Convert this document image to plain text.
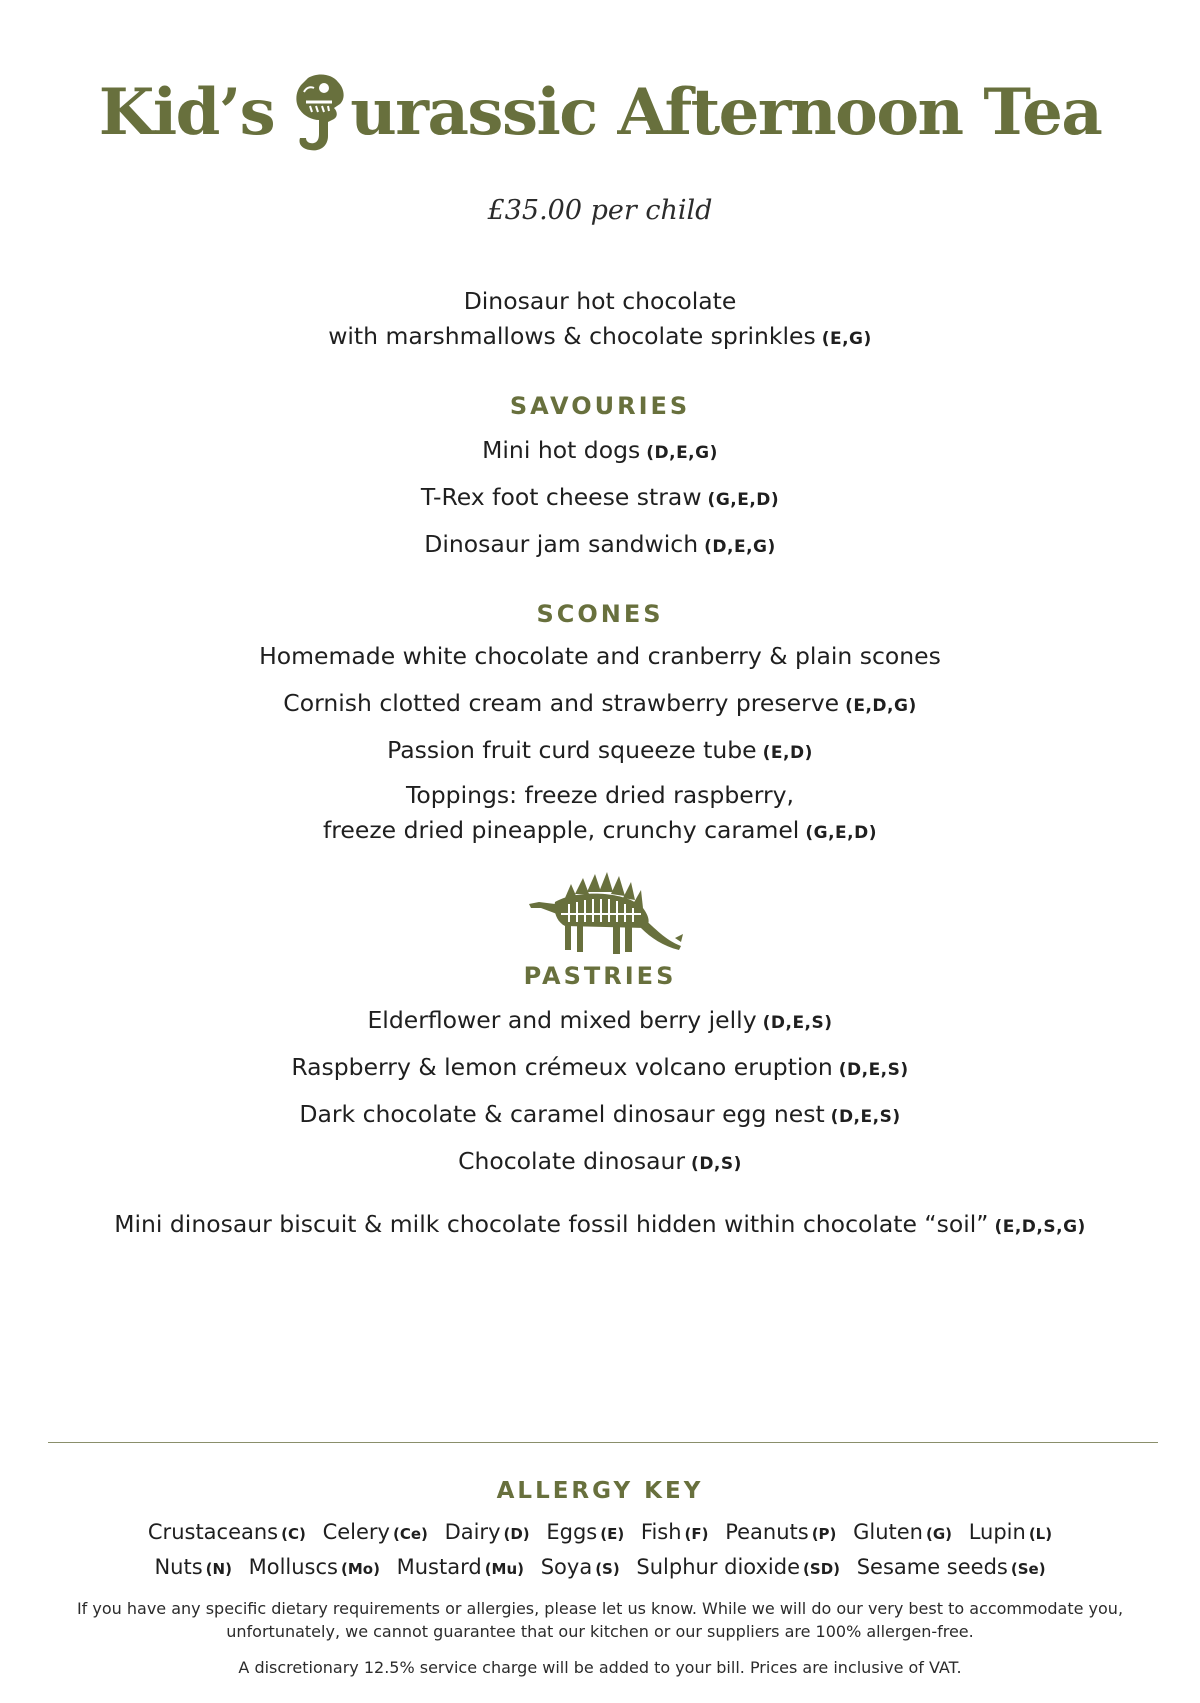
Kid’s urassic Afternoon Tea
£35.00 per child
Dinosaur hot chocolate
with marshmallows & chocolate sprinkles (E,G)
SAVOURIES
Mini hot dogs (D,E,G)
T-Rex foot cheese straw (G,E,D)
Dinosaur jam sandwich (D,E,G)
SCONES
Homemade white chocolate and cranberry & plain scones
Cornish clotted cream and strawberry preserve (E,D,G)
Passion fruit curd squeeze tube (E,D)
Toppings: freeze dried raspberry,
freeze dried pineapple, crunchy caramel (G,E,D)
PASTRIES
Elderflower and mixed berry jelly (D,E,S)
Raspberry & lemon crémeux volcano eruption (D,E,S)
Dark chocolate & caramel dinosaur egg nest (D,E,S)
Chocolate dinosaur (D,S)
Mini dinosaur biscuit & milk chocolate fossil hidden within chocolate “soil” (E,D,S,G)
ALLERGY KEY
Crustaceans (C) Celery (Ce) Dairy (D) Eggs (E) Fish (F) Peanuts (P) Gluten (G) Lupin (L)
Nuts (N) Molluscs (Mo) Mustard (Mu) Soya (S) Sulphur dioxide (SD) Sesame seeds (Se)
If you have any specific dietary requirements or allergies, please let us know. While we will do our very best to accommodate you,
unfortunately, we cannot guarantee that our kitchen or our suppliers are 100% allergen-free.
A discretionary 12.5% service charge will be added to your bill. Prices are inclusive of VAT.
